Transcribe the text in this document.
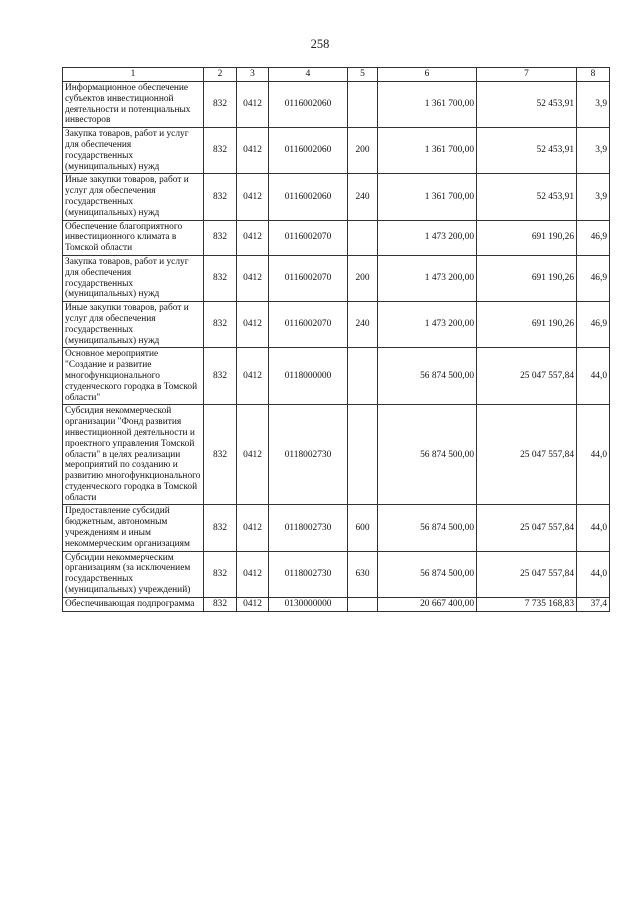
258
1	2	3	4	5	6	7	8
Информационное обеспечение субъектов инвестиционной деятельности и потенциальных инвесторов	832	0412	0116002060		1 361 700,00	52 453,91	3,9
Закупка товаров, работ и услуг для обеспечения государственных (муниципальных) нужд	832	0412	0116002060	200	1 361 700,00	52 453,91	3,9
Иные закупки товаров, работ и услуг для обеспечения государственных (муниципальных) нужд	832	0412	0116002060	240	1 361 700,00	52 453,91	3,9
Обеспечение благоприятного инвестиционного климата в Томской области	832	0412	0116002070		1 473 200,00	691 190,26	46,9
Закупка товаров, работ и услуг для обеспечения государственных (муниципальных) нужд	832	0412	0116002070	200	1 473 200,00	691 190,26	46,9
Иные закупки товаров, работ и услуг для обеспечения государственных (муниципальных) нужд	832	0412	0116002070	240	1 473 200,00	691 190,26	46,9
Основное мероприятие "Создание и развитие многофункционального студенческого городка в Томской области"	832	0412	0118000000		56 874 500,00	25 047 557,84	44,0
Субсидия некоммерческой организации "Фонд развития инвестиционной деятельности и проектного управления Томской области" в целях реализации мероприятий по созданию и развитию многофункционального студенческого городка в Томской области	832	0412	0118002730		56 874 500,00	25 047 557,84	44,0
Предоставление субсидий бюджетным, автономным учреждениям и иным некоммерческим организациям	832	0412	0118002730	600	56 874 500,00	25 047 557,84	44,0
Субсидии некоммерческим организациям (за исключением государственных (муниципальных) учреждений)	832	0412	0118002730	630	56 874 500,00	25 047 557,84	44,0
Обеспечивающая подпрограмма	832	0412	0130000000		20 667 400,00	7 735 168,83	37,4
